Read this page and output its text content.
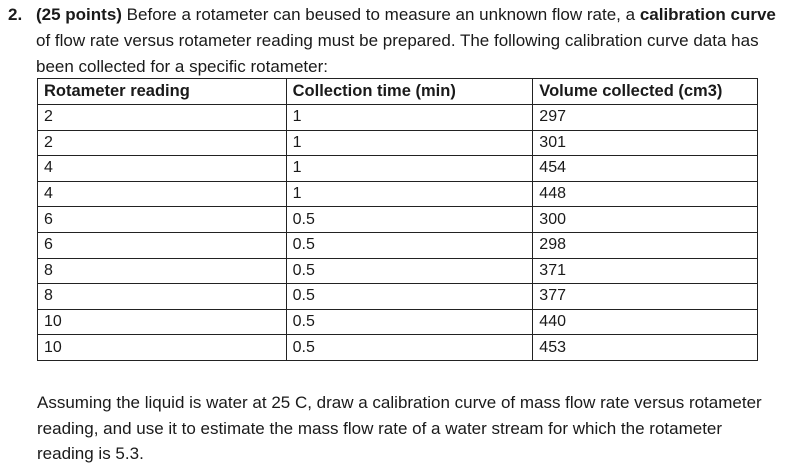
2. (25 points) Before a rotameter can beused to measure an unknown flow rate, a calibration curve of flow rate versus rotameter reading must be prepared. The following calibration curve data has been collected for a specific rotameter:
Rotameter reading	Collection time (min)	Volume collected (cm3)
2	1	297
2	1	301
4	1	454
4	1	448
6	0.5	300
6	0.5	298
8	0.5	371
8	0.5	377
10	0.5	440
10	0.5	453
Assuming the liquid is water at 25 C, draw a calibration curve of mass flow rate versus rotameter reading, and use it to estimate the mass flow rate of a water stream for which the rotameter reading is 5.3.
